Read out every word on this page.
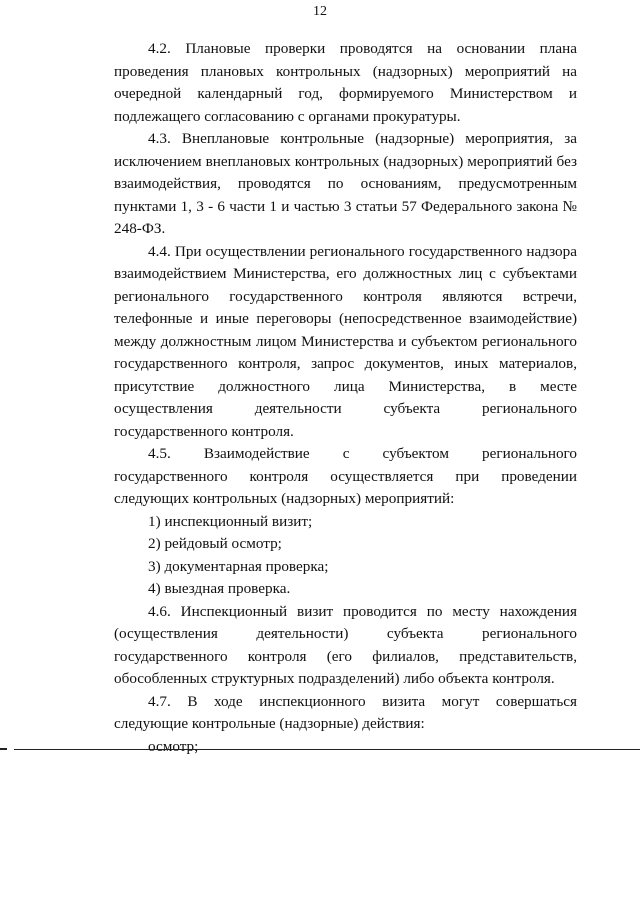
12

4.2. Плановые проверки проводятся на основании плана проведения плановых контрольных (надзорных) мероприятий на очередной календарный год, формируемого Министерством и подлежащего согласованию с органами прокуратуры.

4.3. Внеплановые контрольные (надзорные) мероприятия, за исключением внеплановых контрольных (надзорных) мероприятий без взаимодействия, проводятся по основаниям, предусмотренным пунктами 1, 3 - 6 части 1 и частью 3 статьи 57 Федерального закона № 248-ФЗ.

4.4. При осуществлении регионального государственного надзора взаимодействием Министерства, его должностных лиц с субъектами регионального государственного контроля являются встречи, телефонные и иные переговоры (непосредственное взаимодействие) между должностным лицом Министерства и субъектом регионального государственного контроля, запрос документов, иных материалов, присутствие должностного лица Министерства, в месте осуществления деятельности субъекта регионального государственного контроля.

4.5. Взаимодействие с субъектом регионального государственного контроля осуществляется при проведении следующих контрольных (надзорных) мероприятий:

1) инспекционный визит;

2) рейдовый осмотр;

3) документарная проверка;

4) выездная проверка.

4.6. Инспекционный визит проводится по месту нахождения (осуществления деятельности) субъекта регионального государственного контроля (его филиалов, представительств, обособленных структурных подразделений) либо объекта контроля.

4.7. В ходе инспекционного визита могут совершаться следующие контрольные (надзорные) действия:

осмотр;
